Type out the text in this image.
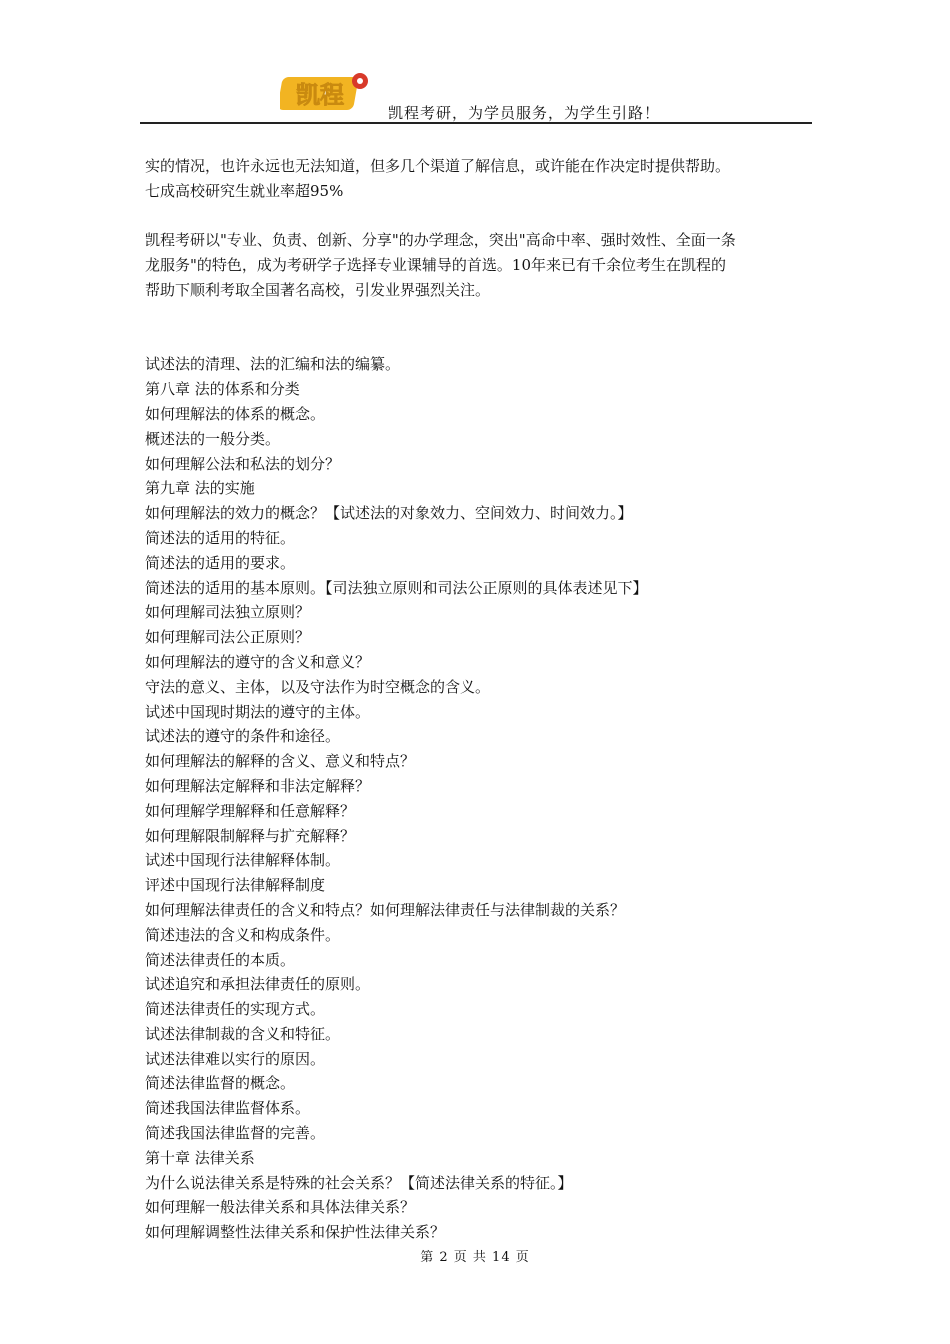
凯程
凯程考研，为学员服务，为学生引路！
实的情况，也许永远也无法知道，但多几个渠道了解信息，或许能在作决定时提供帮助。
七成高校研究生就业率超95%
凯程考研以"专业、负责、创新、分享"的办学理念，突出"高命中率、强时效性、全面一条
龙服务"的特色，成为考研学子选择专业课辅导的首选。10年来已有千余位考生在凯程的
帮助下顺利考取全国著名高校，引发业界强烈关注。
试述法的清理、法的汇编和法的编纂。
第八章 法的体系和分类
如何理解法的体系的概念。
概述法的一般分类。
如何理解公法和私法的划分？
第九章 法的实施
如何理解法的效力的概念？【试述法的对象效力、空间效力、时间效力。】
简述法的适用的特征。
简述法的适用的要求。
简述法的适用的基本原则。【司法独立原则和司法公正原则的具体表述见下】
如何理解司法独立原则？
如何理解司法公正原则？
如何理解法的遵守的含义和意义？
守法的意义、主体，以及守法作为时空概念的含义。
试述中国现时期法的遵守的主体。
试述法的遵守的条件和途径。
如何理解法的解释的含义、意义和特点？
如何理解法定解释和非法定解释？
如何理解学理解释和任意解释？
如何理解限制解释与扩充解释？
试述中国现行法律解释体制。
评述中国现行法律解释制度
如何理解法律责任的含义和特点？如何理解法律责任与法律制裁的关系？
简述违法的含义和构成条件。
简述法律责任的本质。
试述追究和承担法律责任的原则。
简述法律责任的实现方式。
试述法律制裁的含义和特征。
试述法律难以实行的原因。
简述法律监督的概念。
简述我国法律监督体系。
简述我国法律监督的完善。
第十章 法律关系
为什么说法律关系是特殊的社会关系？【简述法律关系的特征。】
如何理解一般法律关系和具体法律关系？
如何理解调整性法律关系和保护性法律关系？
第 2 页 共 14 页
